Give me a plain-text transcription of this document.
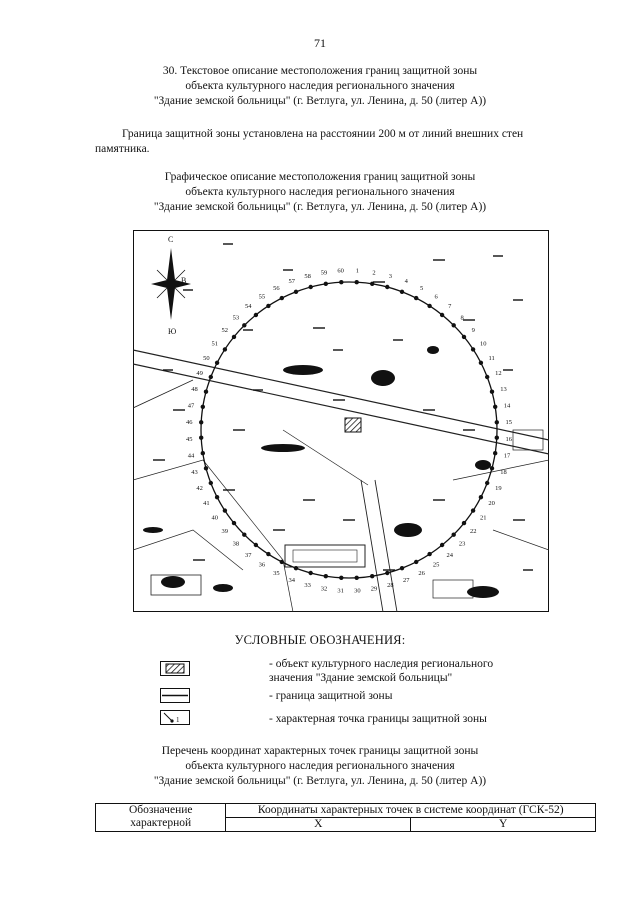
71
30. Текстовое описание местоположения границ защитной зоны
объекта культурного наследия регионального значения
"Здание земской больницы" (г. Ветлуга, ул. Ленина, д. 50 (литер А))
Граница защитной зоны установлена на расстоянии 200 м от линий внешних стен
памятника.
Графическое описание местоположения границ защитной зоны
объекта культурного наследия регионального значения
"Здание земской больницы" (г. Ветлуга, ул. Ленина, д. 50 (литер А))
С
В
Ю
1 2 3
4
5
6
7
8
9
10
11
12
13
14
15
16
17
18
19
20
21
22
23
24
25
26
27
28
29
30
31
32
33
34
35
36
37
38
39
40
41
42
43
44
45
46
47
48
49
50
51
52
53
54
55
56
57
58 59 60
УСЛОВНЫЕ ОБОЗНАЧЕНИЯ:
- объект культурного наследия регионального
значения "Здание земской больницы"
- граница защитной зоны
1	- характерная точка границы защитной зоны
Перечень координат характерных точек границы защитной зоны
объекта культурного наследия регионального значения
"Здание земской больницы" (г. Ветлуга, ул. Ленина, д. 50 (литер А))
Обозначение
характерной	Координаты характерных точек в системе координат (ГСК-52)	
	X	Y
